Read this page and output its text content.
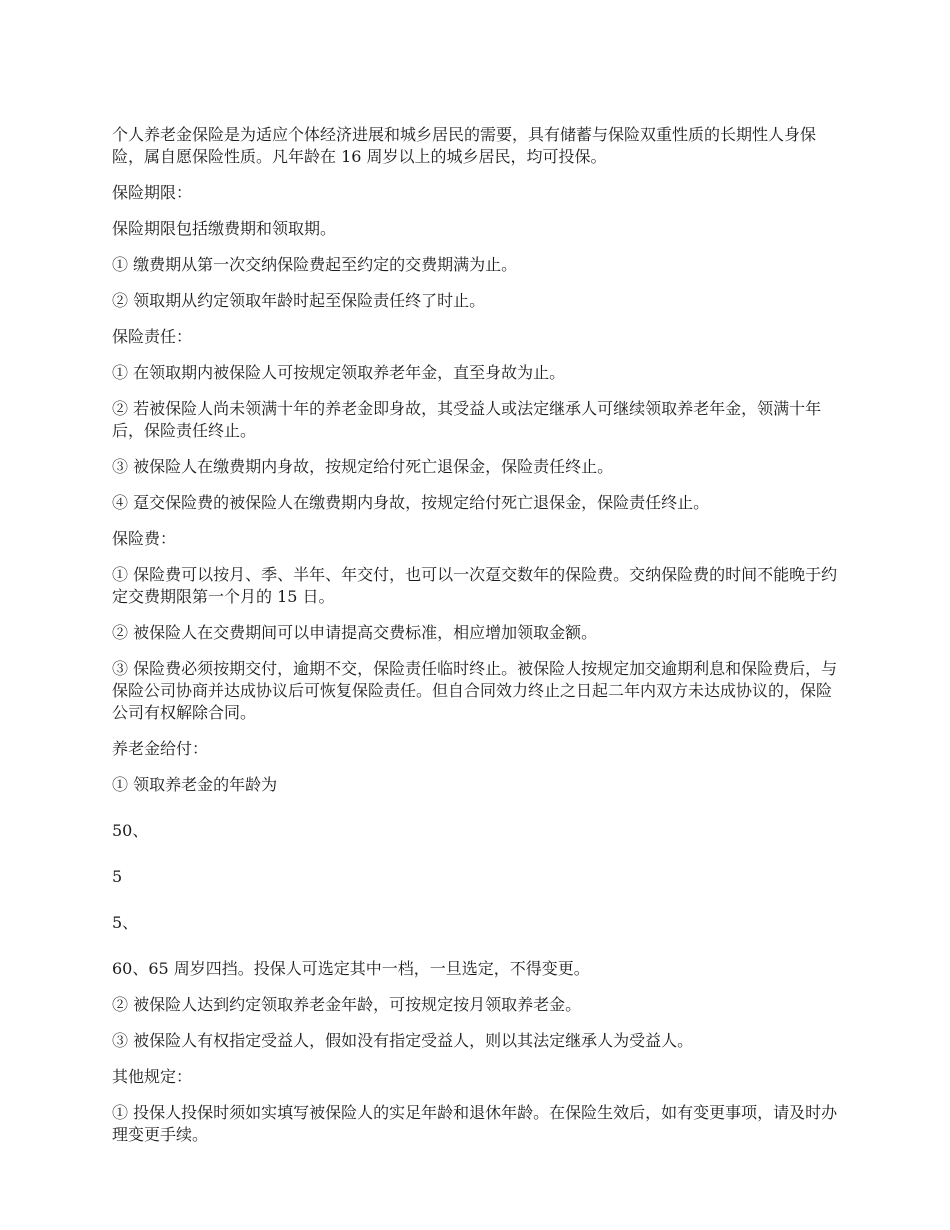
个人养老金保险是为适应个体经济进展和城乡居民的需要，具有储蓄与保险双重性质的长期性人身保险，属自愿保险性质。凡年龄在 16 周岁以上的城乡居民，均可投保。

保险期限：

保险期限包括缴费期和领取期。

① 缴费期从第一次交纳保险费起至约定的交费期满为止。

② 领取期从约定领取年龄时起至保险责任终了时止。

保险责任：

① 在领取期内被保险人可按规定领取养老年金，直至身故为止。

② 若被保险人尚未领满十年的养老金即身故，其受益人或法定继承人可继续领取养老年金，领满十年后，保险责任终止。

③ 被保险人在缴费期内身故，按规定给付死亡退保金，保险责任终止。

④ 趸交保险费的被保险人在缴费期内身故，按规定给付死亡退保金，保险责任终止。

保险费：

① 保险费可以按月、季、半年、年交付，也可以一次趸交数年的保险费。交纳保险费的时间不能晚于约定交费期限第一个月的 15 日。

② 被保险人在交费期间可以申请提高交费标准，相应增加领取金额。

③ 保险费必须按期交付，逾期不交，保险责任临时终止。被保险人按规定加交逾期利息和保险费后，与保险公司协商并达成协议后可恢复保险责任。但自合同效力终止之日起二年内双方未达成协议的，保险公司有权解除合同。

养老金给付：

① 领取养老金的年龄为

50、

5

5、

60、65 周岁四挡。投保人可选定其中一档，一旦选定，不得变更。

② 被保险人达到约定领取养老金年龄，可按规定按月领取养老金。

③ 被保险人有权指定受益人，假如没有指定受益人，则以其法定继承人为受益人。

其他规定：

① 投保人投保时须如实填写被保险人的实足年龄和退休年龄。在保险生效后，如有变更事项，请及时办理变更手续。
